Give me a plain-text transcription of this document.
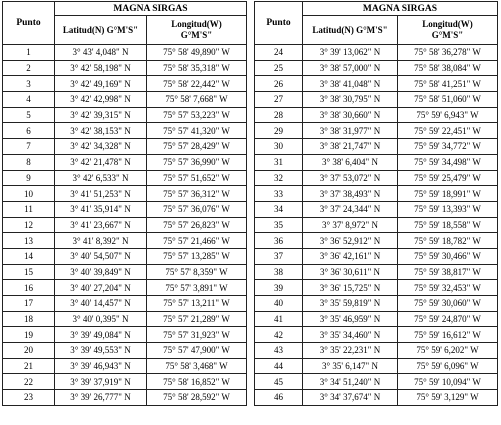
Punto	MAGNA SIRGAS	
	Latitud(N) G°M'S"	Longitud(W)
G°M'S"
1	3° 43' 4,048" N	75° 58' 49,890" W
2	3° 42' 58,198" N	75° 58' 35,318" W
3	3° 42' 49,169" N	75° 58' 22,442" W
4	3° 42' 42,998" N	75° 58' 7,668" W
5	3° 42' 39,315" N	75° 57' 53,223" W
6	3° 42' 38,153" N	75° 57' 41,320" W
7	3° 42' 34,328" N	75° 57' 28,429" W
8	3° 42' 21,478" N	75° 57' 36,990" W
9	3° 42' 6,533" N	75° 57' 51,652" W
10	3° 41' 51,253" N	75° 57' 36,312" W
11	3° 41' 35,914" N	75° 57' 36,076" W
12	3° 41' 23,667" N	75° 57' 26,823" W
13	3° 41' 8,392" N	75° 57' 21,466" W
14	3° 40' 54,507" N	75° 57' 13,285" W
15	3° 40' 39,849" N	75° 57' 8,359" W
16	3° 40' 27,204" N	75° 57' 3,891" W
17	3° 40' 14,457" N	75° 57' 13,211" W
18	3° 40' 0,395" N	75° 57' 21,289" W
19	3° 39' 49,084" N	75° 57' 31,923" W
20	3° 39' 49,553" N	75° 57' 47,900" W
21	3° 39' 46,943" N	75° 58' 3,468" W
22	3° 39' 37,919" N	75° 58' 16,852" W
23	3° 39' 26,777" N	75° 58' 28,592" W
Punto	MAGNA SIRGAS	
	Latitud(N) G°M'S"	Longitud(W)
G°M'S"
24	3° 39' 13,062" N	75° 58' 36,278" W
25	3° 38' 57,000" N	75° 58' 38,084" W
26	3° 38' 41,048" N	75° 58' 41,251" W
27	3° 38' 30,795" N	75° 58' 51,060" W
28	3° 38' 30,660" N	75° 59' 6,943" W
29	3° 38' 31,977" N	75° 59' 22,451" W
30	3° 38' 21,747" N	75° 59' 34,772" W
31	3° 38' 6,404" N	75° 59' 34,498" W
32	3° 37' 53,072" N	75° 59' 25,479" W
33	3° 37' 38,493" N	75° 59' 18,991" W
34	3° 37' 24,344" N	75° 59' 13,393" W
35	3° 37' 8,972" N	75° 59' 18,558" W
36	3° 36' 52,912" N	75° 59' 18,782" W
37	3° 36' 42,161" N	75° 59' 30,466" W
38	3° 36' 30,611" N	75° 59' 38,817" W
39	3° 36' 15,725" N	75° 59' 32,453" W
40	3° 35' 59,819" N	75° 59' 30,060" W
41	3° 35' 46,959" N	75° 59' 24,870" W
42	3° 35' 34,460" N	75° 59' 16,612" W
43	3° 35' 22,231" N	75° 59' 6,202" W
44	3° 35' 6,147" N	75° 59' 6,096" W
45	3° 34' 51,240" N	75° 59' 10,094" W
46	3° 34' 37,674" N	75° 59' 3,129" W
